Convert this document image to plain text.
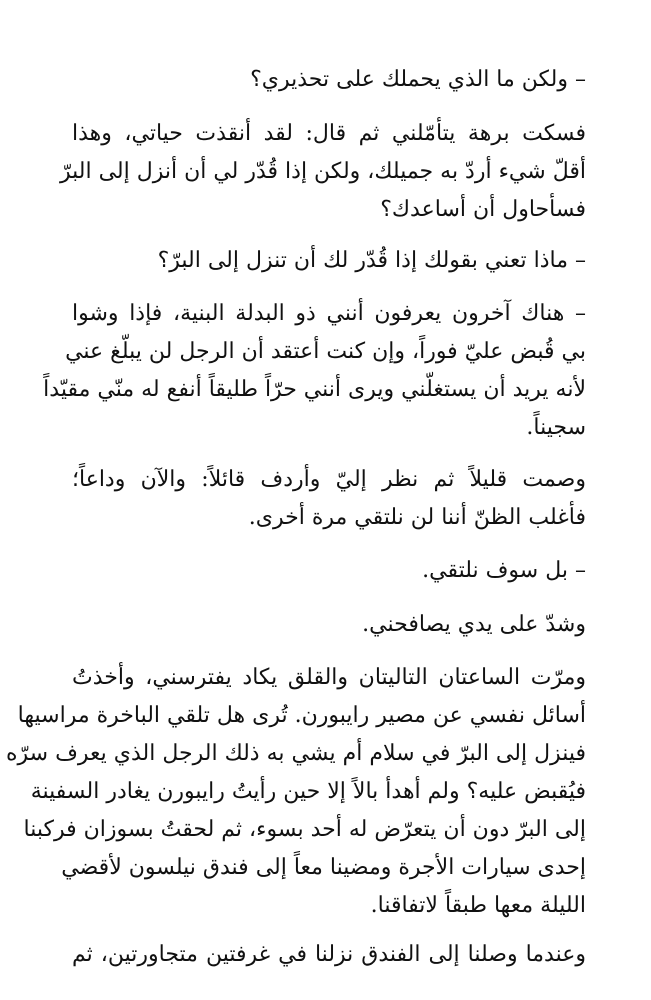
– ولكن ما الذي يحملك على تحذيري؟
فسكت برهة يتأمّلني ثم قال: لقد أنقذت حياتي، وهذا
أقلّ شيء أردّ به جميلك، ولكن إذا قُدّر لي أن أنزل إلى البرّ
فسأحاول أن أساعدك؟
– ماذا تعني بقولك إذا قُدّر لك أن تنزل إلى البرّ؟
– هناك آخرون يعرفون أنني ذو البدلة البنية، فإذا وشوا
بي قُبض عليّ فوراً، وإن كنت أعتقد أن الرجل لن يبلّغ عني
لأنه يريد أن يستغلّني ويرى أنني حرّاً طليقاً أنفع له منّي مقيّداً
سجيناً.
وصمت قليلاً ثم نظر إليّ وأردف قائلاً: والآن وداعاً؛
فأغلب الظنّ أننا لن نلتقي مرة أخرى.
– بل سوف نلتقي.
وشدّ على يدي يصافحني.
ومرّت الساعتان التاليتان والقلق يكاد يفترسني، وأخذتُ
أسائل نفسي عن مصير رايبورن. تُرى هل تلقي الباخرة مراسيها
فينزل إلى البرّ في سلام أم يشي به ذلك الرجل الذي يعرف سرّه
فيُقبض عليه؟ ولم أهدأ بالاً إلا حين رأيتُ رايبورن يغادر السفينة
إلى البرّ دون أن يتعرّض له أحد بسوء، ثم لحقتُ بسوزان فركبنا
إحدى سيارات الأجرة ومضينا معاً إلى فندق نيلسون لأقضي
الليلة معها طبقاً لاتفاقنا.
وعندما وصلنا إلى الفندق نزلنا في غرفتين متجاورتين، ثم
